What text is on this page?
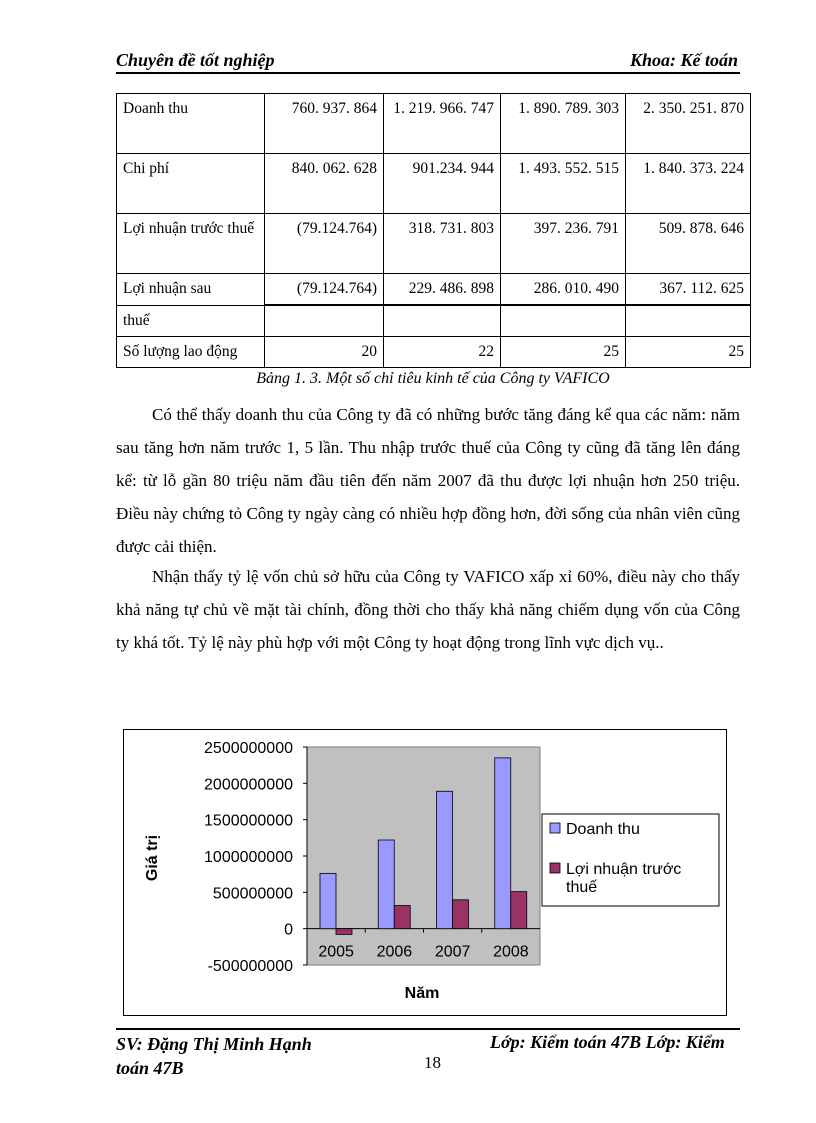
Chuyên đề tốt nghiệp	Khoa: Kế toán
Doanh thu	760. 937. 864	1. 219. 966. 747	1. 890. 789. 303	2. 350. 251. 870
Chi phí	840. 062. 628	901.234. 944	1. 493. 552. 515	1. 840. 373. 224
Lợi nhuận trước thuế	(79.124.764)	318. 731. 803	397. 236. 791	509. 878. 646
Lợi nhuận sau	(79.124.764)	229. 486. 898	286. 010. 490	367. 112. 625
thuế				
Số lượng lao động	20	22	25	25
Bảng 1. 3. Một số chỉ tiêu kinh tế của Công ty VAFICO

Có thể thấy doanh thu của Công ty đã có những bước tăng đáng kể qua các năm: năm sau tăng hơn năm trước 1, 5 lần. Thu nhập trước thuế của Công ty cũng đã tăng lên đáng kể: từ lỗ gần 80 triệu năm đầu tiên đến năm 2007 đã thu được lợi nhuận hơn 250 triệu. Điều này chứng tỏ Công ty ngày càng có nhiều hợp đồng hơn, đời sống của nhân viên cũng được cải thiện.

Nhận thấy tỷ lệ vốn chủ sở hữu của Công ty VAFICO xấp xỉ 60%, điều này cho thấy khả năng tự chủ về mặt tài chính, đồng thời cho thấy khả năng chiếm dụng vốn của Công ty khá tốt. Tỷ lệ này phù hợp với một Công ty hoạt động trong lĩnh vực dịch vụ..

2500000000
2000000000
1500000000
1000000000
500000000
0
-500000000
2005 2006 2007 2008
Năm
Giá trị
Doanh thu
Lợi nhuận trước thuế
SV: Đặng Thị Minh Hạnh
toán 47B
Lớp: Kiểm toán 47B Lớp: Kiểm
18
